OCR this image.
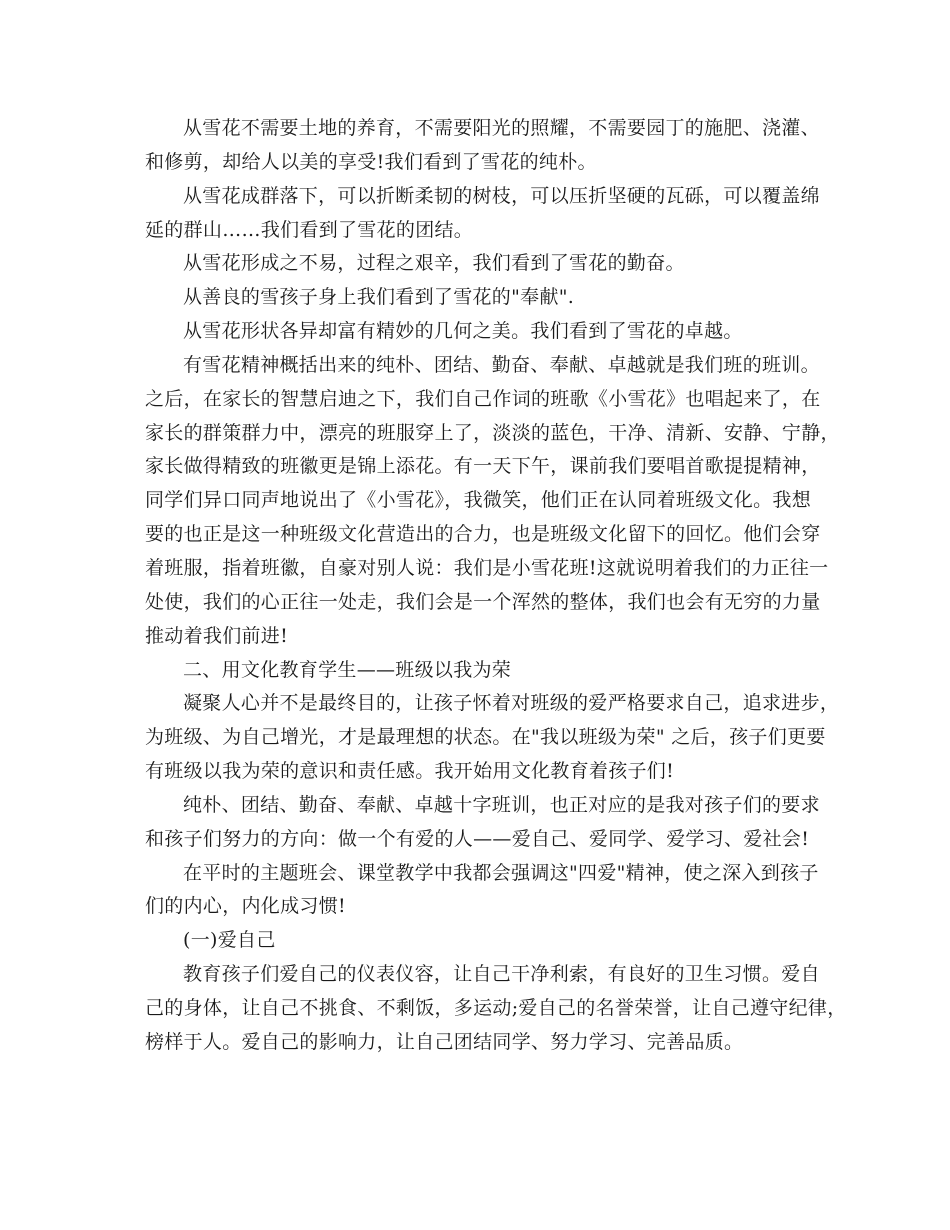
从雪花不需要土地的养育，不需要阳光的照耀，不需要园丁的施肥、浇灌、
和修剪，却给人以美的享受!我们看到了雪花的纯朴。
从雪花成群落下，可以折断柔韧的树枝，可以压折坚硬的瓦砾，可以覆盖绵
延的群山……我们看到了雪花的团结。
从雪花形成之不易，过程之艰辛，我们看到了雪花的勤奋。
从善良的雪孩子身上我们看到了雪花的"奉献".
从雪花形状各异却富有精妙的几何之美。我们看到了雪花的卓越。
有雪花精神概括出来的纯朴、团结、勤奋、奉献、卓越就是我们班的班训。
之后，在家长的智慧启迪之下，我们自己作词的班歌《小雪花》也唱起来了，在
家长的群策群力中，漂亮的班服穿上了，淡淡的蓝色，干净、清新、安静、宁静，
家长做得精致的班徽更是锦上添花。有一天下午，课前我们要唱首歌提提精神，
同学们异口同声地说出了《小雪花》，我微笑，他们正在认同着班级文化。我想
要的也正是这一种班级文化营造出的合力，也是班级文化留下的回忆。他们会穿
着班服，指着班徽，自豪对别人说：我们是小雪花班!这就说明着我们的力正往一
处使，我们的心正往一处走，我们会是一个浑然的整体，我们也会有无穷的力量
推动着我们前进!
二、用文化教育学生——班级以我为荣
凝聚人心并不是最终目的，让孩子怀着对班级的爱严格要求自己，追求进步，
为班级、为自己增光，才是最理想的状态。在"我以班级为荣" 之后，孩子们更要
有班级以我为荣的意识和责任感。我开始用文化教育着孩子们!
纯朴、团结、勤奋、奉献、卓越十字班训，也正对应的是我对孩子们的要求
和孩子们努力的方向：做一个有爱的人——爱自己、爱同学、爱学习、爱社会!
在平时的主题班会、课堂教学中我都会强调这"四爱"精神，使之深入到孩子
们的内心，内化成习惯!
(一)爱自己
教育孩子们爱自己的仪表仪容，让自己干净利索，有良好的卫生习惯。爱自
己的身体，让自己不挑食、不剩饭，多运动;爱自己的名誉荣誉，让自己遵守纪律，
榜样于人。爱自己的影响力，让自己团结同学、努力学习、完善品质。
